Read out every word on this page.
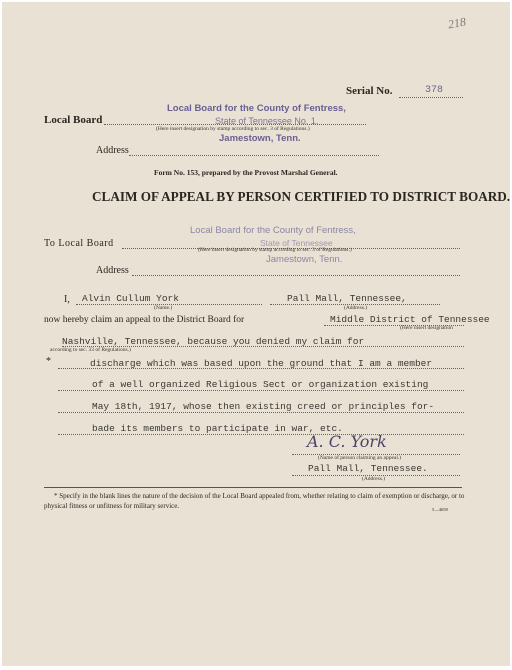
218
Serial No.	378
Local Board
Local Board for the County of Fentress,
State of Tennessee No. 1,
(Here insert designation by stamp according to sec. 3 of Regulations.)
Jamestown, Tenn.
Address
Form No. 153, prepared by the Provost Marshal General.
CLAIM OF APPEAL BY PERSON CERTIFIED TO DISTRICT BOARD.
To Local Board
Local Board for the County of Fentress,
State of Tennessee
(Here insert designation by stamp according to sec. 3 of Regulations.)
Jamestown, Tenn.
Address
I, Alvin Cullum York	Pall Mall, Tennessee,
(Name.)	(Address.)
now hereby claim an appeal to the District Board for	Middle District of Tennessee
(Here insert designation
Nashville, Tennessee, because you denied my claim for
according to sec. 33 of Regulations.)
*	discharge which was based upon the ground that I am a member
of a well organized Religious Sect or organization existing
May 18th, 1917, whose then existing creed or principles for-
bade its members to participate in war, etc.
A. C. York
(Name of person claiming an appeal.)
Pall Mall, Tennessee.
(Address.)
* Specify in the blank lines the nature of the decision of the Local Board appealed from, whether relating to claim of exemption or discharge, or to physical fitness or unfitness for military service.	5—4658
